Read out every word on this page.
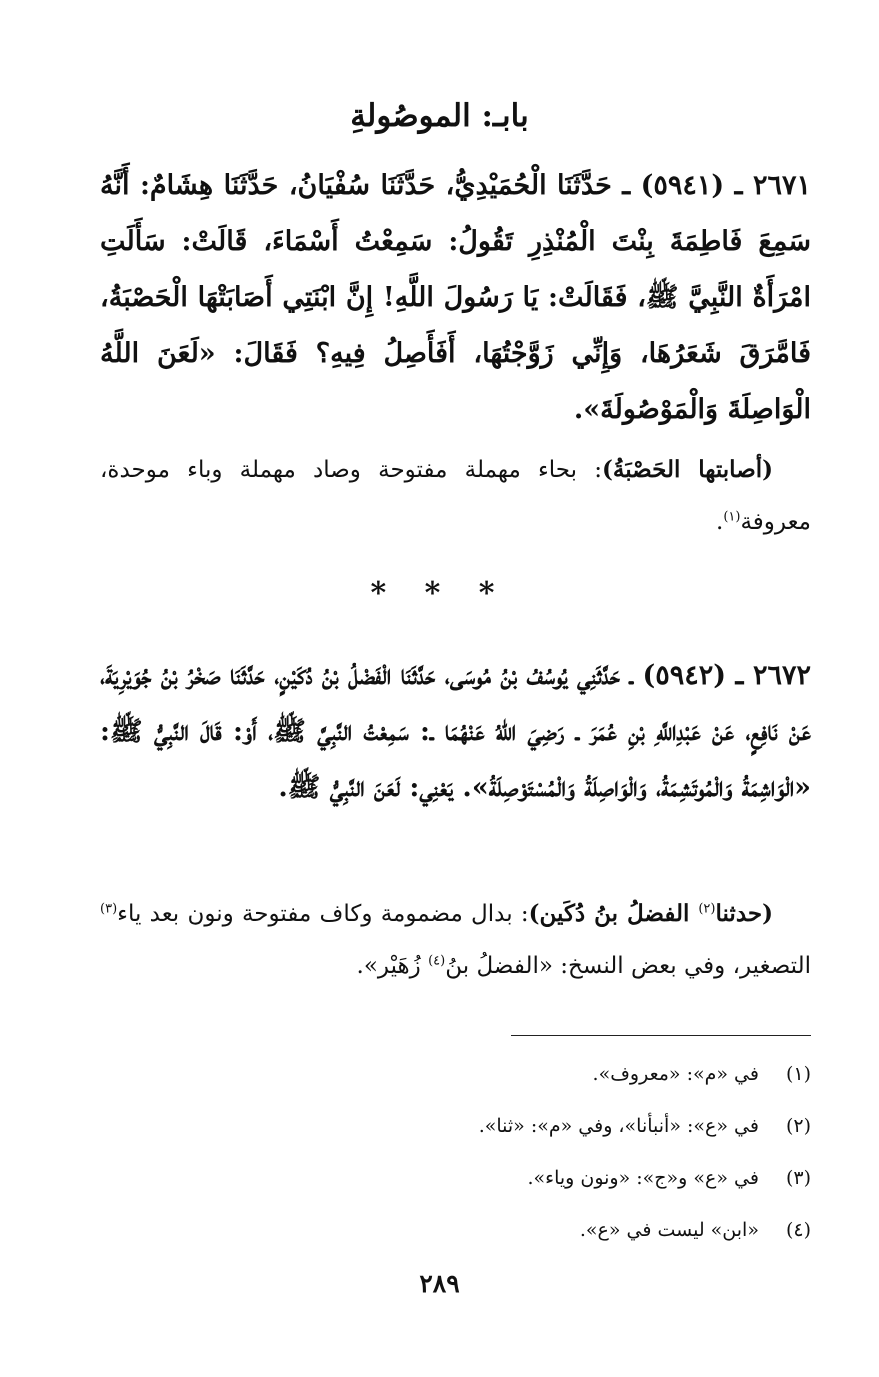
بابـ: الموصُولةِ

٢٦٧١ ـ (٥٩٤١) ـ حَدَّثَنَا الْحُمَيْدِيُّ، حَدَّثَنَا سُفْيَانُ، حَدَّثَنَا هِشَامٌ: أَنَّهُ سَمِعَ فَاطِمَةَ بِنْتَ الْمُنْذِرِ تَقُولُ: سَمِعْتُ أَسْمَاءَ، قَالَتْ: سَأَلَتِ امْرَأَةٌ النَّبِيَّ ﷺ، فَقَالَتْ: يَا رَسُولَ اللَّهِ! إِنَّ ابْنَتِي أَصَابَتْهَا الْحَصْبَةُ، فَامَّرَقَ شَعَرُهَا، وَإِنِّي زَوَّجْتُهَا، أَفَأَصِلُ فِيهِ؟ فَقَالَ: «لَعَنَ اللَّهُ الْوَاصِلَةَ وَالْمَوْصُولَةَ».

(أصابتها الحَصْبَةُ): بحاء مهملة مفتوحة وصاد مهملة وباء موحدة، معروفة$^{(١)}$.

* * *

٢٦٧٢ ـ (٥٩٤٢) ـ حَدَّثَنِي يُوسُفُ بْنُ مُوسَى، حَدَّثَنَا الْفَضْلُ بْنُ دُكَيْنٍ، حَدَّثَنَا صَخْرُ بْنُ جُوَيْرِيَةَ، عَنْ نَافِعٍ، عَنْ عَبْدِاللَّهِ بْنِ عُمَرَ ـ رَضِيَ اللهُ عَنْهُمَا ـ: سَمِعْتُ النَّبِيَّ ﷺ، أَوْ: قَالَ النَّبِيُّ ﷺ: «الْوَاشِمَةُ وَالْمُوتَشِمَةُ، وَالْوَاصِلَةُ وَالْمُسْتَوْصِلَةُ». يَعْنِي: لَعَنَ النَّبِيُّ ﷺ.

(حدثنا$^{(٢)}$ الفضلُ بنُ دُكَين): بدال مضمومة وكاف مفتوحة ونون بعد ياء$^{(٣)}$ التصغير، وفي بعض النسخ: «الفضلُ بنُ$^{(٤)}$ زُهَيْر».

(١) في «م»: «معروف».
(٢) في «ع»: «أنبأنا»، وفي «م»: «ثنا».
(٣) في «ع» و«ج»: «ونون وياء».
(٤) «ابن» ليست في «ع».
٢٨٩
